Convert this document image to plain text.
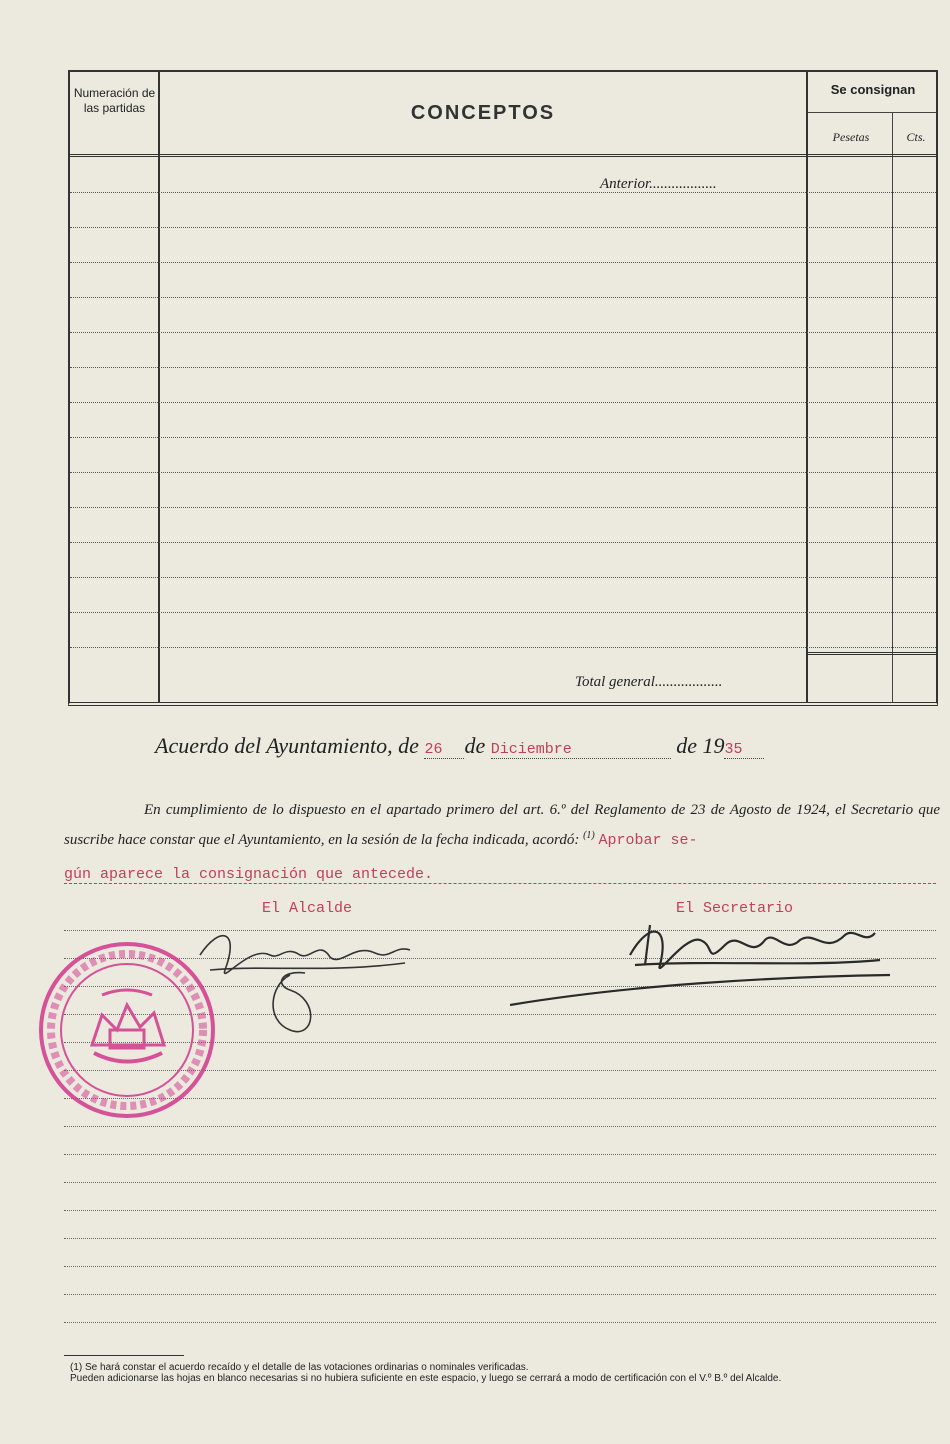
Numeración de las partidas	CONCEPTOS
Se consignan
Pesetas	Cts.
Anterior..................
Total general..................
Acuerdo del Ayuntamiento, de 26 de Diciembre	de 1935
En cumplimiento de lo dispuesto en el apartado primero del art. 6.º del Reglamento de 23 de Agosto de 1924, el Secretario que suscribe hace constar que el Ayuntamiento, en la sesión de la fecha indicada, acordó: $^{(1)}$ Aprobar se-
gún aparece la consignación que antecede.
El Alcalde	El Secretario
(1) Se hará constar el acuerdo recaído y el detalle de las votaciones ordinarias o nominales verificadas.
Pueden adicionarse las hojas en blanco necesarias si no hubiera suficiente en este espacio, y luego se cerrará a modo de certificación con el V.º B.º del Alcalde.
